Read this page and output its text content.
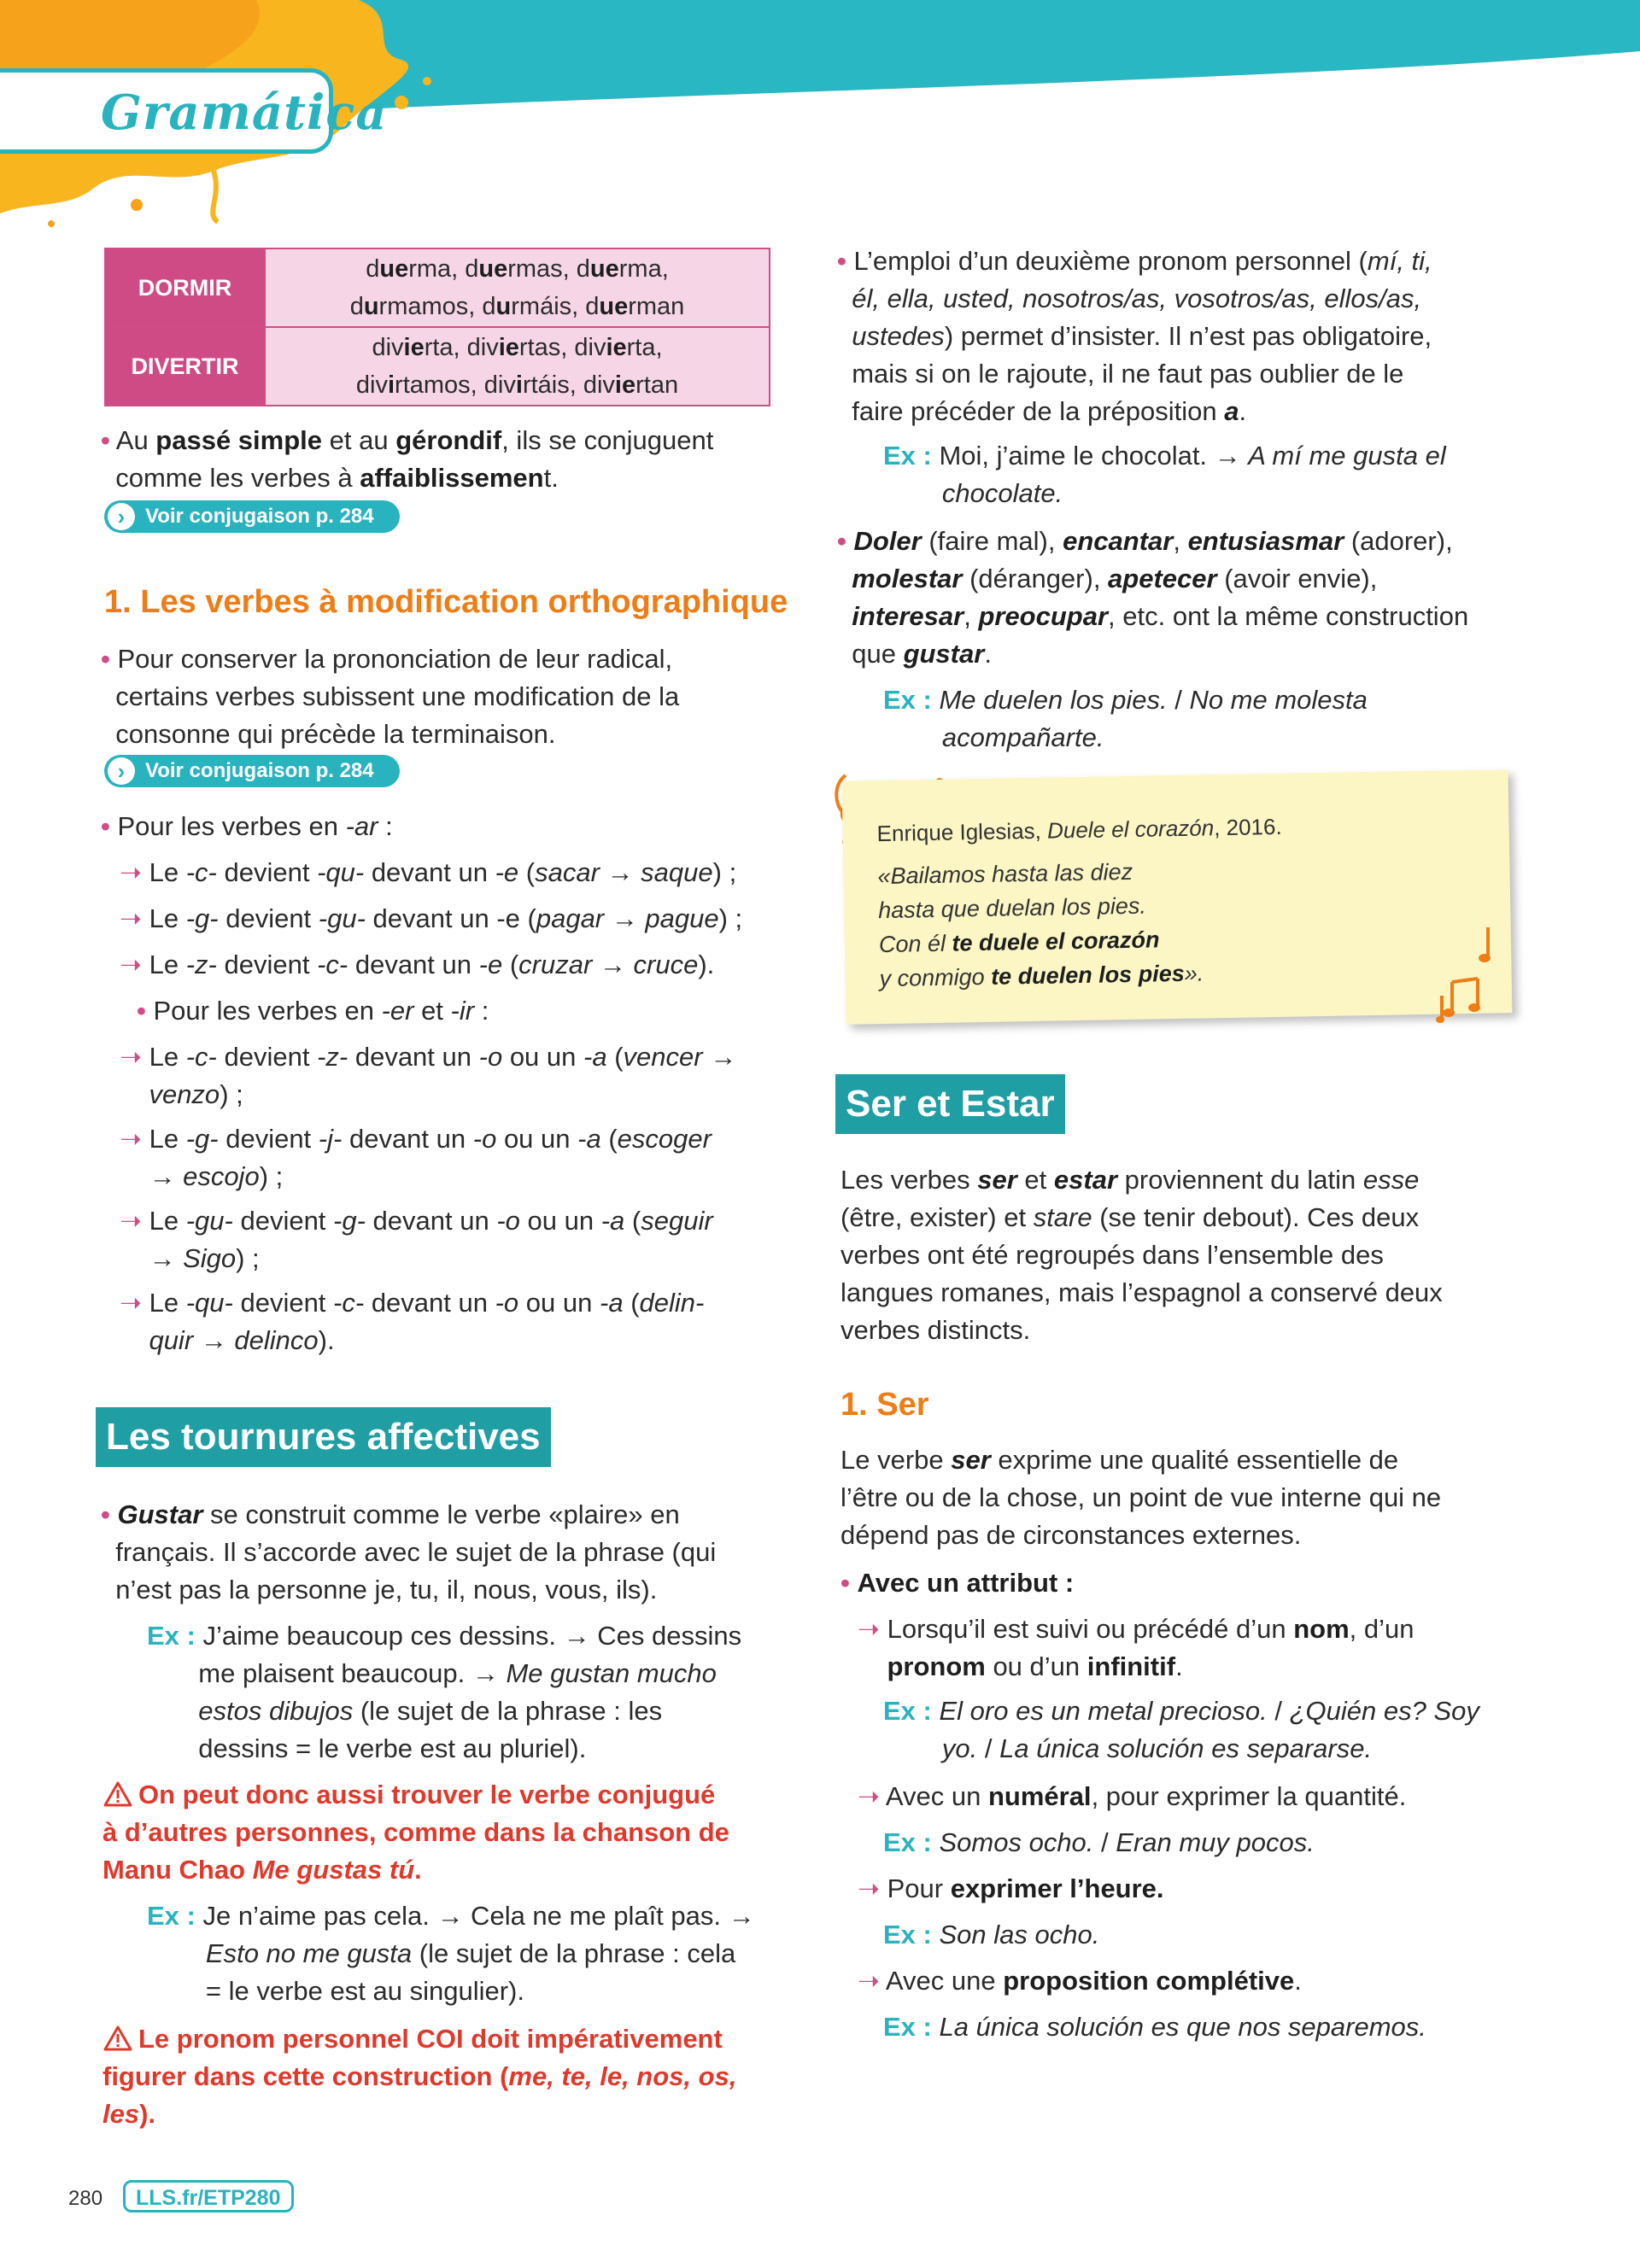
Gramática
DORMIR	duerma, duermas, duerma,
durmamos, durmáis, duerman
DIVERTIR	divierta, diviertas, divierta,
divirtamos, divirtáis, diviertan

• Au passé simple et au gérondif, ils se conjuguent
comme les verbes à affaiblissement.

› Voir conjugaison p. 284
1. Les verbes à modification orthographique

• Pour conserver la prononciation de leur radical,
certains verbes subissent une modification de la
consonne qui précède la terminaison.

› Voir conjugaison p. 284

• Pour les verbes en -ar :

➝ Le -c- devient -qu- devant un -e (sacar → saque) ;

➝ Le -g- devient -gu- devant un -e (pagar → pague) ;

➝ Le -z- devient -c- devant un -e (cruzar → cruce).

• Pour les verbes en -er et -ir :

➝ Le -c- devient -z- devant un -o ou un -a (vencer →
venzo) ;

➝ Le -g- devient -j- devant un -o ou un -a (escoger
→ escojo) ;

➝ Le -gu- devient -g- devant un -o ou un -a (seguir
→ Sigo) ;

➝ Le -qu- devient -c- devant un -o ou un -a (delin-
quir → delinco).

Les tournures affectives

• Gustar se construit comme le verbe «plaire» en
français. Il s’accorde avec le sujet de la phrase (qui
n’est pas la personne je, tu, il, nous, vous, ils).

Ex : J’aime beaucoup ces dessins. → Ces dessins
me plaisent beaucoup. → Me gustan mucho
estos dibujos (le sujet de la phrase : les
dessins = le verbe est au pluriel).

On peut donc aussi trouver le verbe conjugué
à d’autres personnes, comme dans la chanson de
Manu Chao Me gustas tú.

Ex : Je n’aime pas cela. → Cela ne me plaît pas. →
Esto no me gusta (le sujet de la phrase : cela
= le verbe est au singulier).

Le pronom personnel COI doit impérativement
figurer dans cette construction (me, te, le, nos, os,
les).

• L’emploi d’un deuxième pronom personnel (mí, ti,
él, ella, usted, nosotros/as, vosotros/as, ellos/as,
ustedes) permet d’insister. Il n’est pas obligatoire,
mais si on le rajoute, il ne faut pas oublier de le
faire précéder de la préposition a.

Ex : Moi, j’aime le chocolat. → A mí me gusta el
chocolate.

• Doler (faire mal), encantar, entusiasmar (adorer),
molestar (déranger), apetecer (avoir envie),
interesar, preocupar, etc. ont la même construction
que gustar.

Ex : Me duelen los pies. / No me molesta
acompañarte.

Enrique Iglesias, Duele el corazón, 2016.
«Bailamos hasta las diez
hasta que duelan los pies.
Con él te duele el corazón
y conmigo te duelen los pies».
Ser et Estar

Les verbes ser et estar proviennent du latin esse
(être, exister) et stare (se tenir debout). Ces deux
verbes ont été regroupés dans l’ensemble des
langues romanes, mais l’espagnol a conservé deux
verbes distincts.

1. Ser

Le verbe ser exprime une qualité essentielle de
l’être ou de la chose, un point de vue interne qui ne
dépend pas de circonstances externes.

• Avec un attribut :

➝ Lorsqu’il est suivi ou précédé d’un nom, d’un
pronom ou d’un infinitif.

Ex : El oro es un metal precioso. / ¿Quién es? Soy
yo. / La única solución es separarse.

➝ Avec un numéral, pour exprimer la quantité.

Ex : Somos ocho. / Eran muy pocos.

➝ Pour exprimer l’heure.

Ex : Son las ocho.

➝ Avec une proposition complétive.

Ex : La única solución es que nos separemos.

280	LLS.fr/ETP280
